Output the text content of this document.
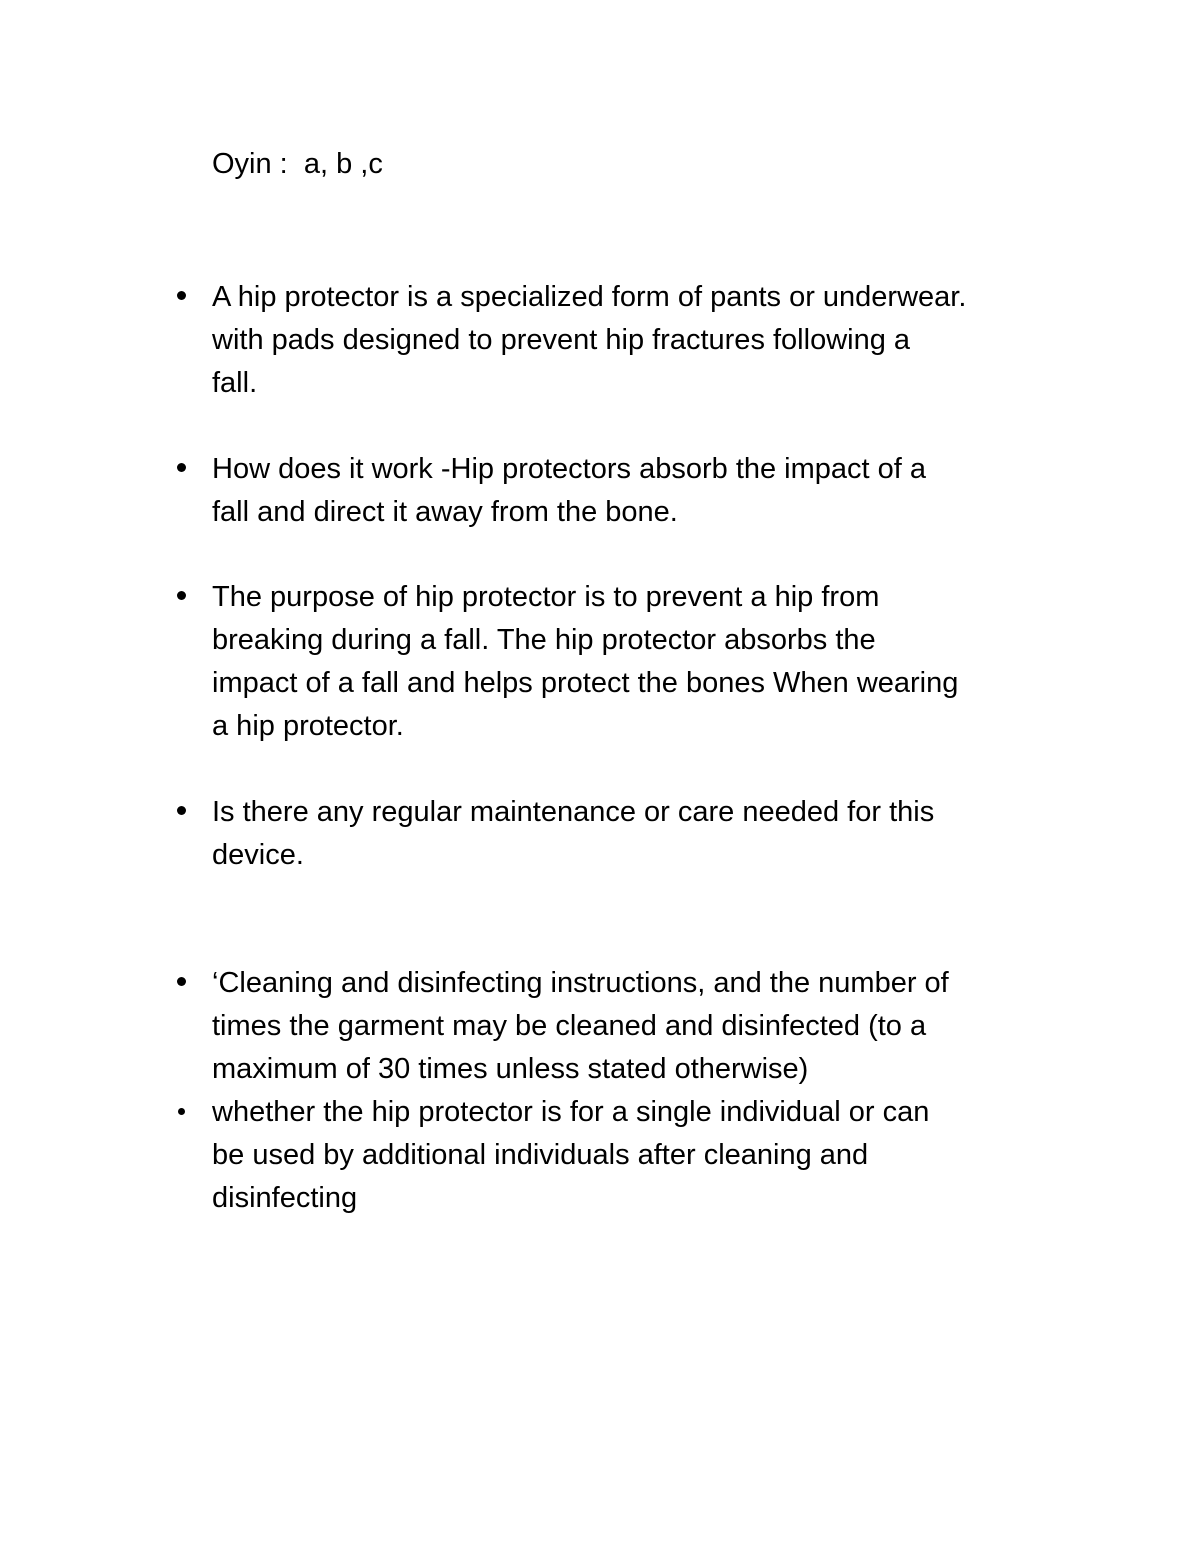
Oyin :  a, b ,c
A hip protector is a specialized form of pants or underwear.
with pads designed to prevent hip fractures following a
fall.
How does it work -Hip protectors absorb the impact of a
fall and direct it away from the bone.
The purpose of hip protector is to prevent a hip from
breaking during a fall. The hip protector absorbs the
impact of a fall and helps protect the bones When wearing
a hip protector.
Is there any regular maintenance or care needed for this
device.
‘Cleaning and disinfecting instructions, and the number of
times the garment may be cleaned and disinfected (to a
maximum of 30 times unless stated otherwise)
whether the hip protector is for a single individual or can
be used by additional individuals after cleaning and
disinfecting
